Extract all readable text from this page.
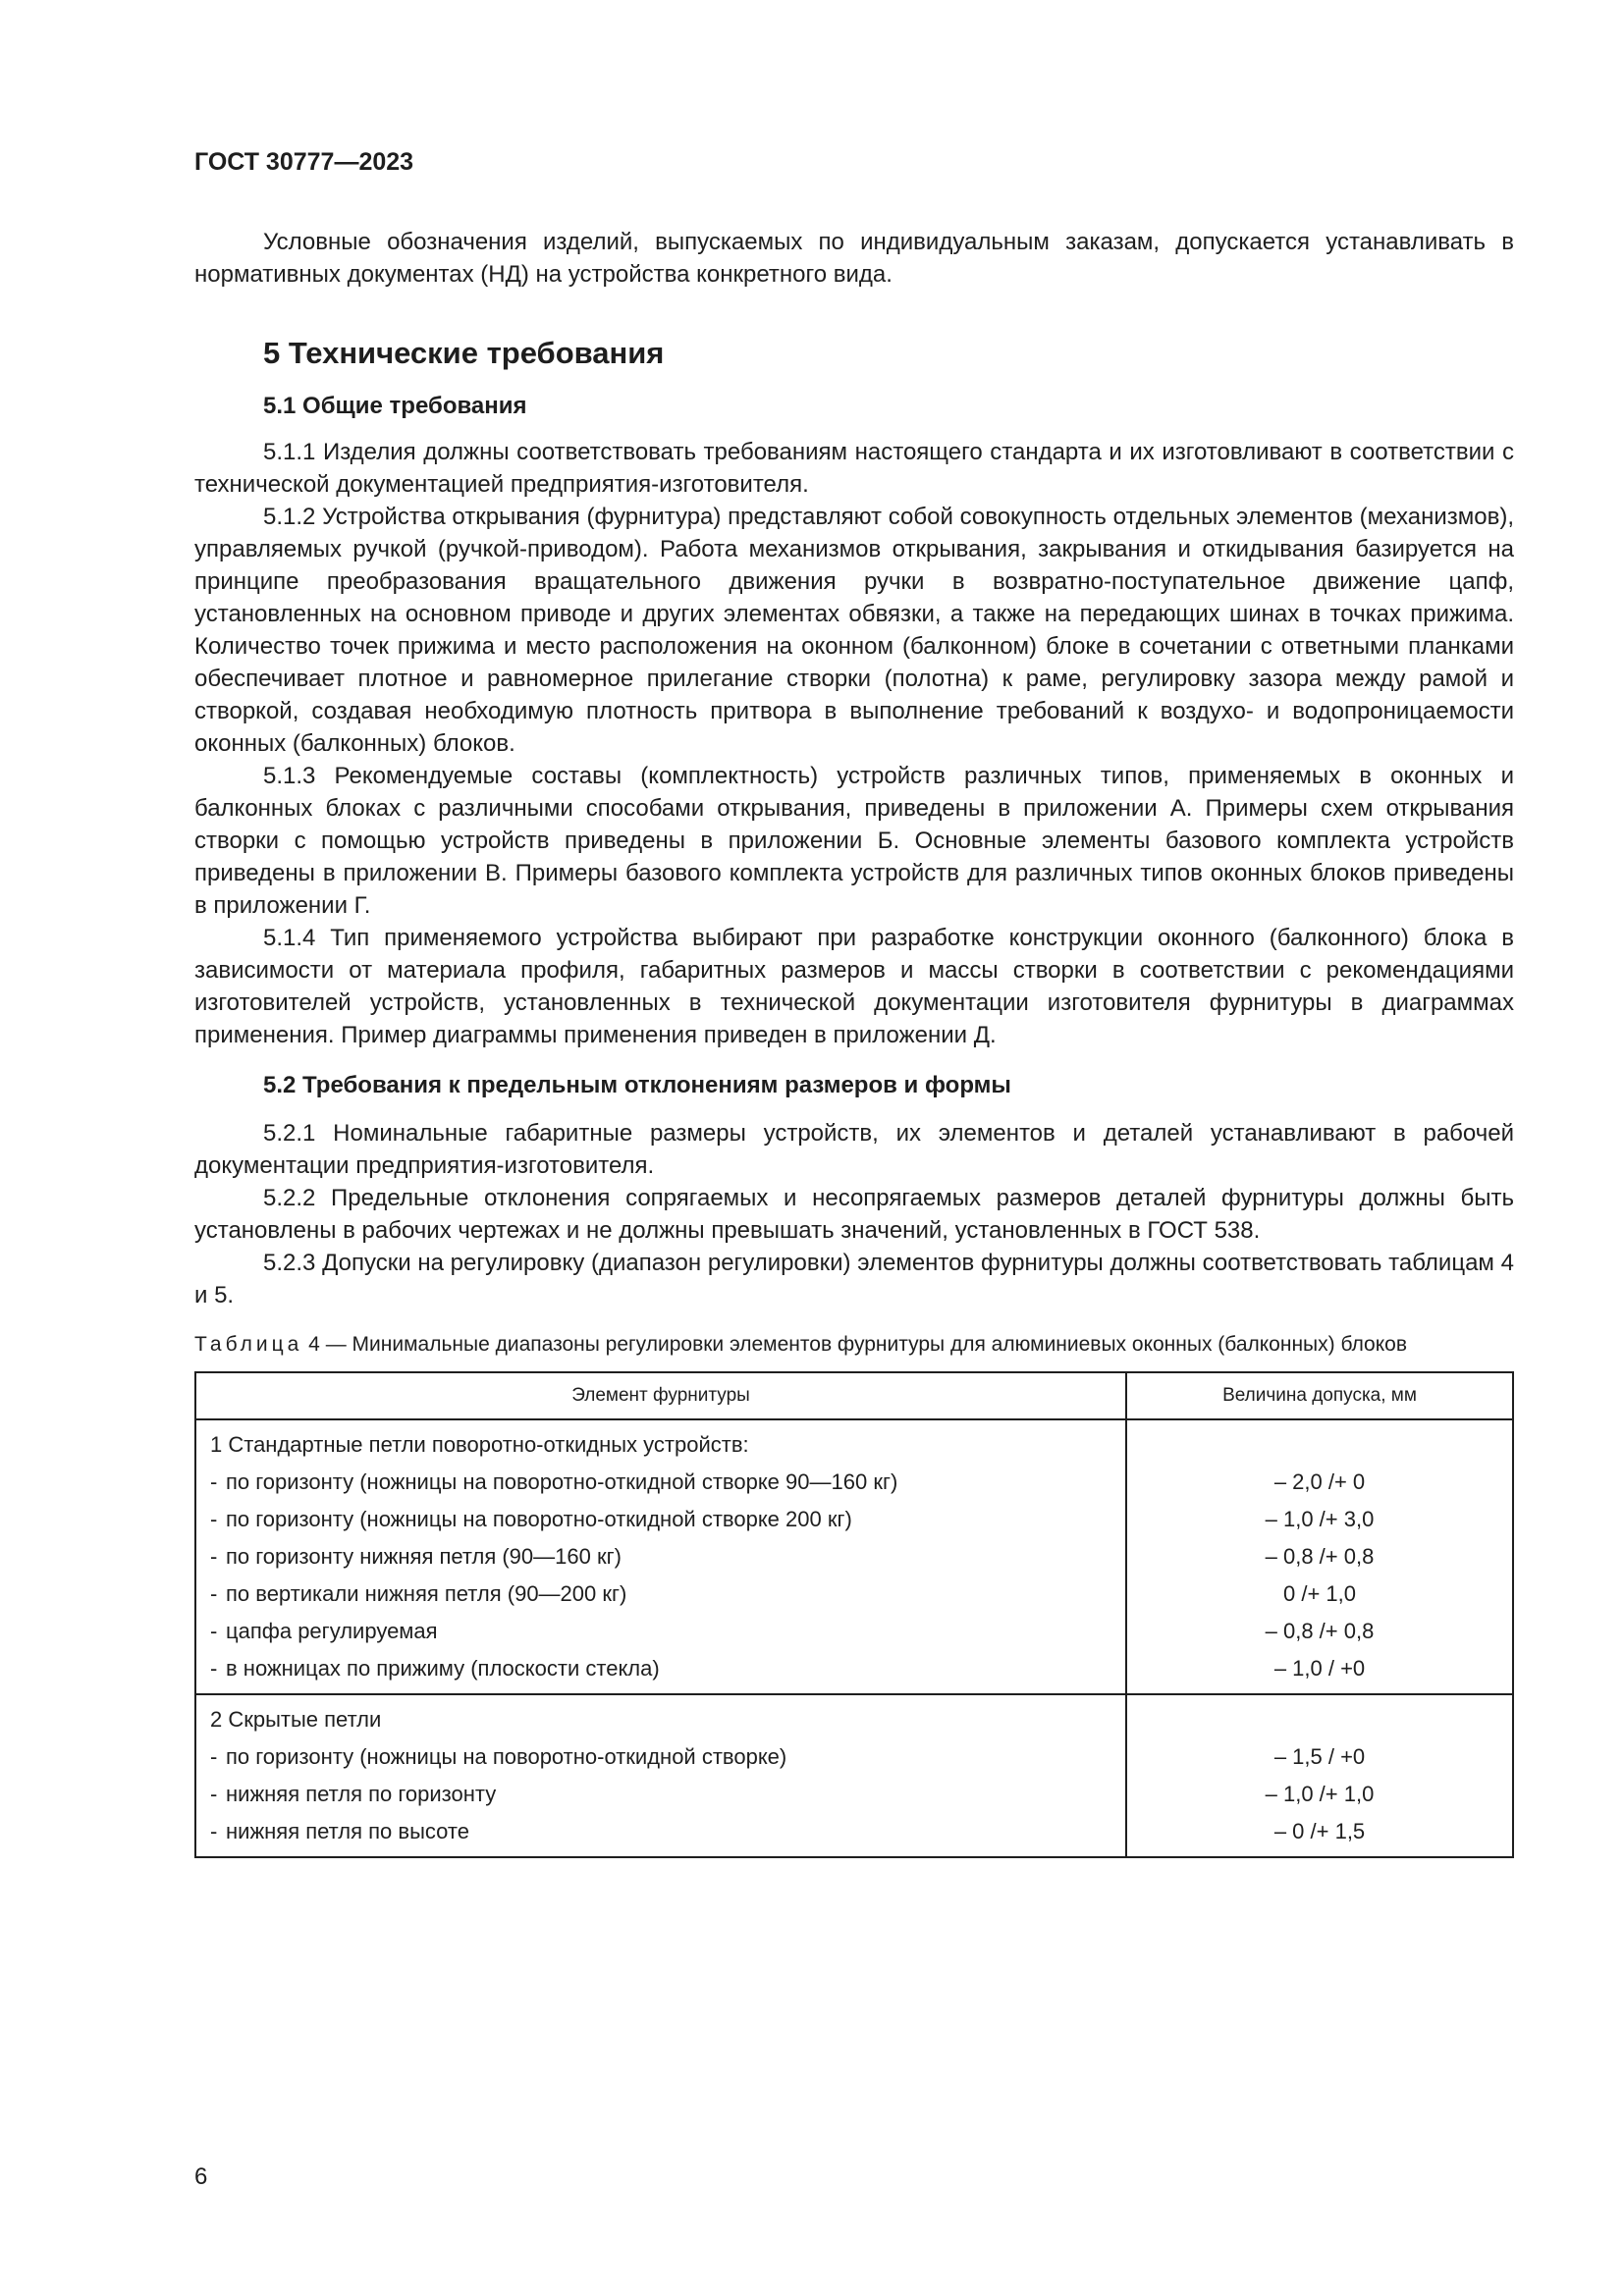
ГОСТ 30777—2023

Условные обозначения изделий, выпускаемых по индивидуальным заказам, допускается устанавливать в нормативных документах (НД) на устройства конкретного вида.

5 Технические требования
5.1 Общие требования

5.1.1 Изделия должны соответствовать требованиям настоящего стандарта и их изготовливают в соответствии с технической документацией предприятия-изготовителя.

5.1.2 Устройства открывания (фурнитура) представляют собой совокупность отдельных элементов (механизмов), управляемых ручкой (ручкой-приводом). Работа механизмов открывания, закрывания и откидывания базируется на принципе преобразования вращательного движения ручки в возвратно-поступательное движение цапф, установленных на основном приводе и других элементах обвязки, а также на передающих шинах в точках прижима. Количество точек прижима и место расположения на оконном (балконном) блоке в сочетании с ответными планками обеспечивает плотное и равномерное прилегание створки (полотна) к раме, регулировку зазора между рамой и створкой, создавая необходимую плотность притвора в выполнение требований к воздухо- и водопроницаемости оконных (балконных) блоков.

5.1.3 Рекомендуемые составы (комплектность) устройств различных типов, применяемых в оконных и балконных блоках с различными способами открывания, приведены в приложении А. Примеры схем открывания створки с помощью устройств приведены в приложении Б. Основные элементы базового комплекта устройств приведены в приложении В. Примеры базового комплекта устройств для различных типов оконных блоков приведены в приложении Г.

5.1.4 Тип применяемого устройства выбирают при разработке конструкции оконного (балконного) блока в зависимости от материала профиля, габаритных размеров и массы створки в соответствии с рекомендациями изготовителей устройств, установленных в технической документации изготовителя фурнитуры в диаграммах применения. Пример диаграммы применения приведен в приложении Д.

5.2 Требования к предельным отклонениям размеров и формы

5.2.1 Номинальные габаритные размеры устройств, их элементов и деталей устанавливают в рабочей документации предприятия-изготовителя.

5.2.2 Предельные отклонения сопрягаемых и несопрягаемых размеров деталей фурнитуры должны быть установлены в рабочих чертежах и не должны превышать значений, установленных в ГОСТ 538.

5.2.3 Допуски на регулировку (диапазон регулировки) элементов фурнитуры должны соответствовать таблицам 4 и 5.

Таблица 4 — Минимальные диапазоны регулировки элементов фурнитуры для алюминиевых оконных (балконных) блоков

Элемент фурнитуры	Величина допуска, мм
1 Стандартные петли поворотно-откидных устройств:	
- по горизонту (ножницы на поворотно-откидной створке 90—160 кг)	– 2,0 /+ 0
- по горизонту (ножницы на поворотно-откидной створке 200 кг)	– 1,0 /+ 3,0
- по горизонту нижняя петля (90—160 кг)	– 0,8 /+ 0,8
- по вертикали нижняя петля (90—200 кг)	0 /+ 1,0
- цапфа регулируемая	– 0,8 /+ 0,8
- в ножницах по прижиму (плоскости стекла)	– 1,0 / +0
2 Скрытые петли	
- по горизонту (ножницы на поворотно-откидной створке)	– 1,5 / +0
- нижняя петля по горизонту	– 1,0 /+ 1,0
- нижняя петля по высоте	– 0 /+ 1,5
6
